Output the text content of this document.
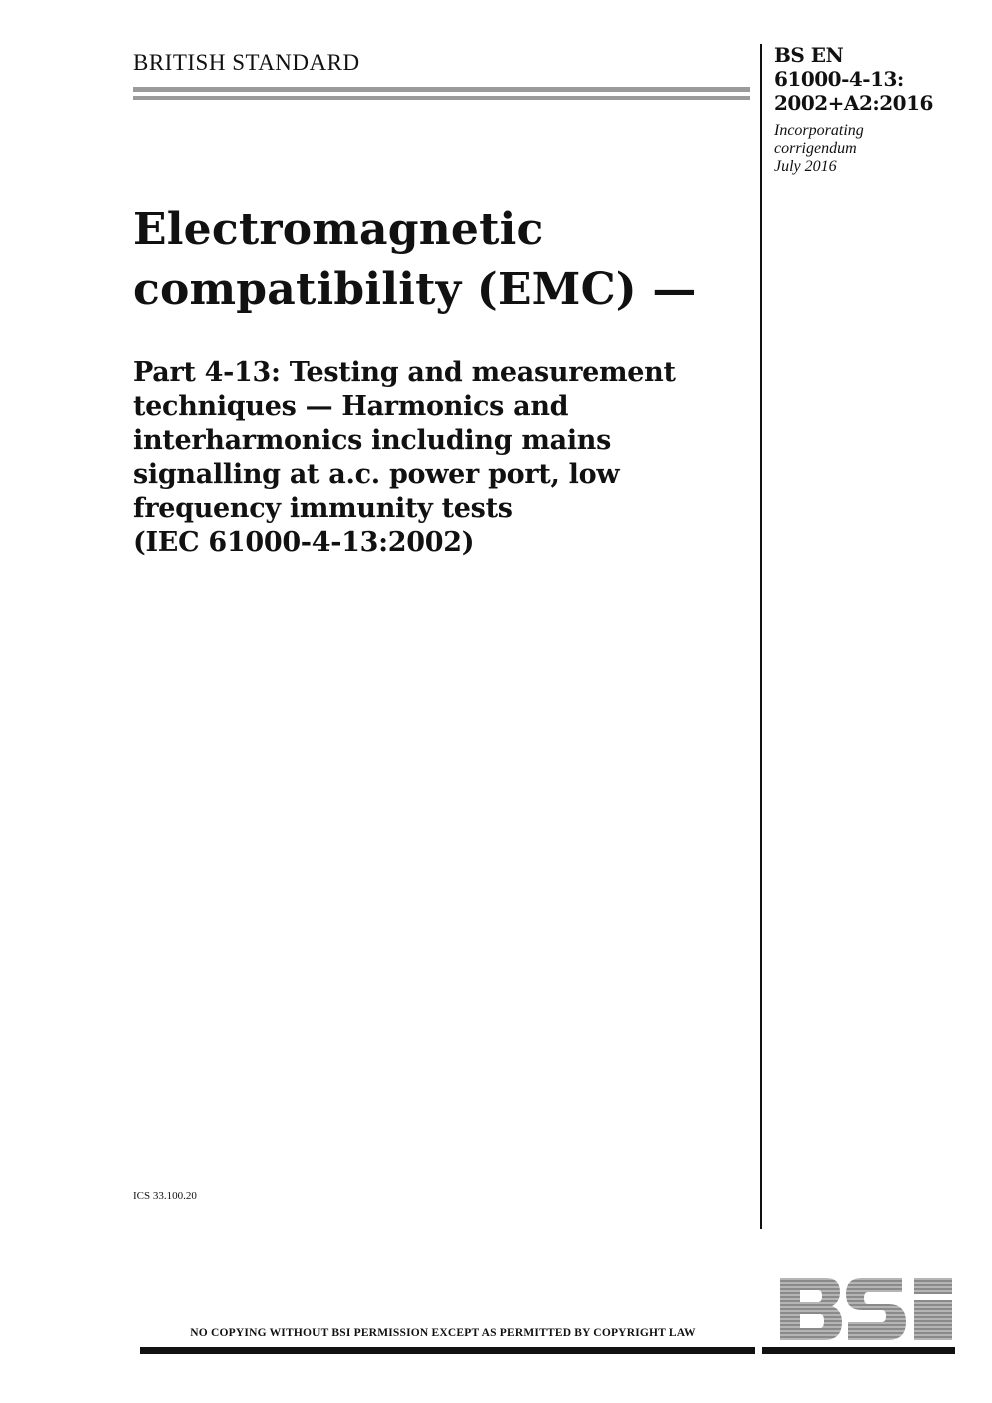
BRITISH STANDARD	BS EN
61000-4-13:
2002+A2:2016
Incorporating
corrigendum
July 2016
Electromagnetic
compatibility (EMC) —
Part 4-13: Testing and measurement
techniques — Harmonics and
interharmonics including mains
signalling at a.c. power port, low
frequency immunity tests
(IEC 61000-4-13:2002)
ICS 33.100.20
NO COPYING WITHOUT BSI PERMISSION EXCEPT AS PERMITTED BY COPYRIGHT LAW
